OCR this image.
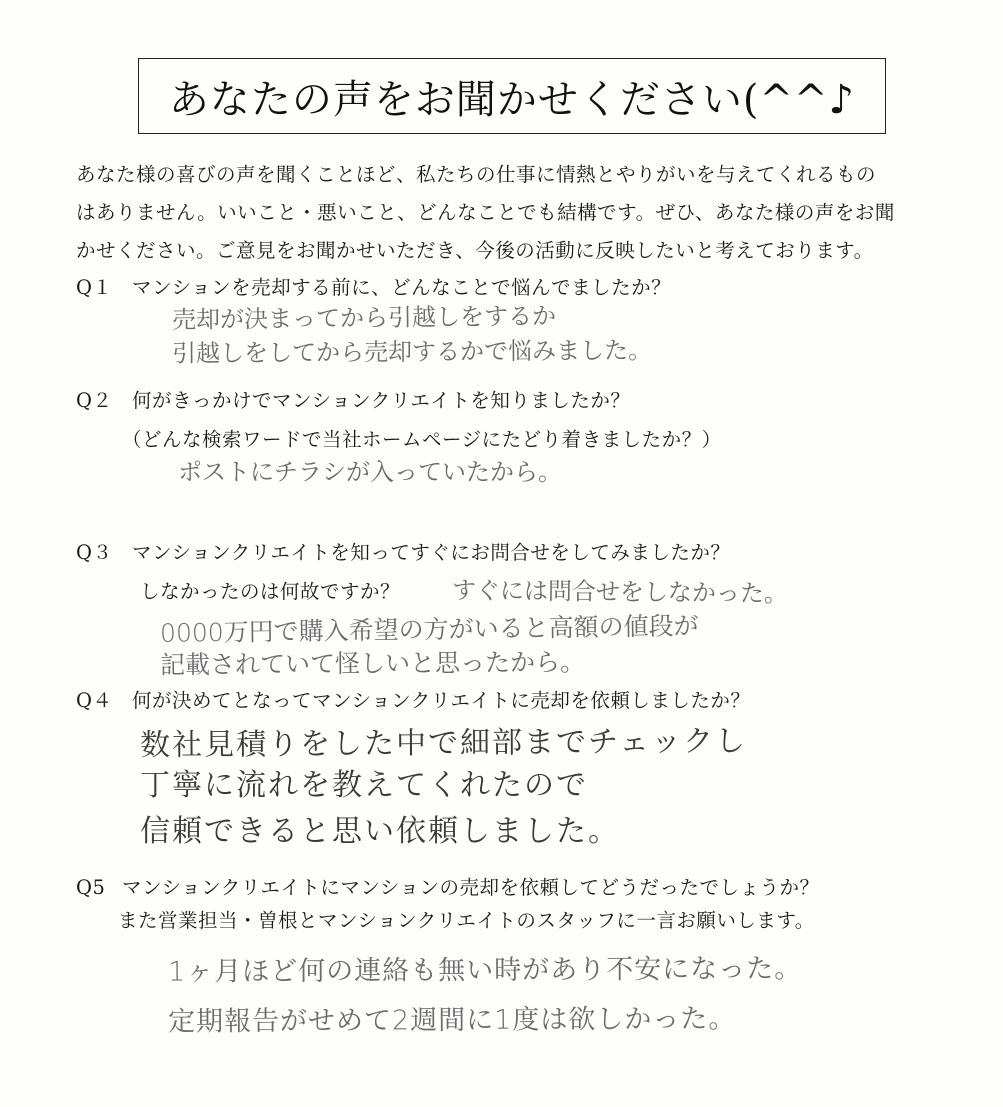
あなたの声をお聞かせください(^^♪
あなた様の喜びの声を聞くことほど、私たちの仕事に情熱とやりがいを与えてくれるもの
はありません。いいこと・悪いこと、どんなことでも結構です。ぜひ、あなた様の声をお聞
かせください。ご意見をお聞かせいただき、今後の活動に反映したいと考えております。
Q１ マンションを売却する前に、どんなことで悩んでましたか？
売却が決まってから引越しをするか
引越しをしてから売却するかで悩みました。
Q２ 何がきっかけでマンションクリエイトを知りましたか？
（どんな検索ワードで当社ホームページにたどり着きましたか？）
ポストにチラシが入っていたから。
Q３ マンションクリエイトを知ってすぐにお問合せをしてみましたか？
しなかったのは何故ですか？ すぐには問合せをしなかった。
0000万円で購入希望の方がいると高額の値段が
記載されていて怪しいと思ったから。
Q４ 何が決めてとなってマンションクリエイトに売却を依頼しましたか？
数社見積りをした中で細部までチェックし
丁寧に流れを教えてくれたので
信頼できると思い依頼しました。
Q5 マンションクリエイトにマンションの売却を依頼してどうだったでしょうか？
また営業担当・曽根とマンションクリエイトのスタッフに一言お願いします。
1ヶ月ほど何の連絡も無い時があり不安になった。
定期報告がせめて2週間に1度は欲しかった。
